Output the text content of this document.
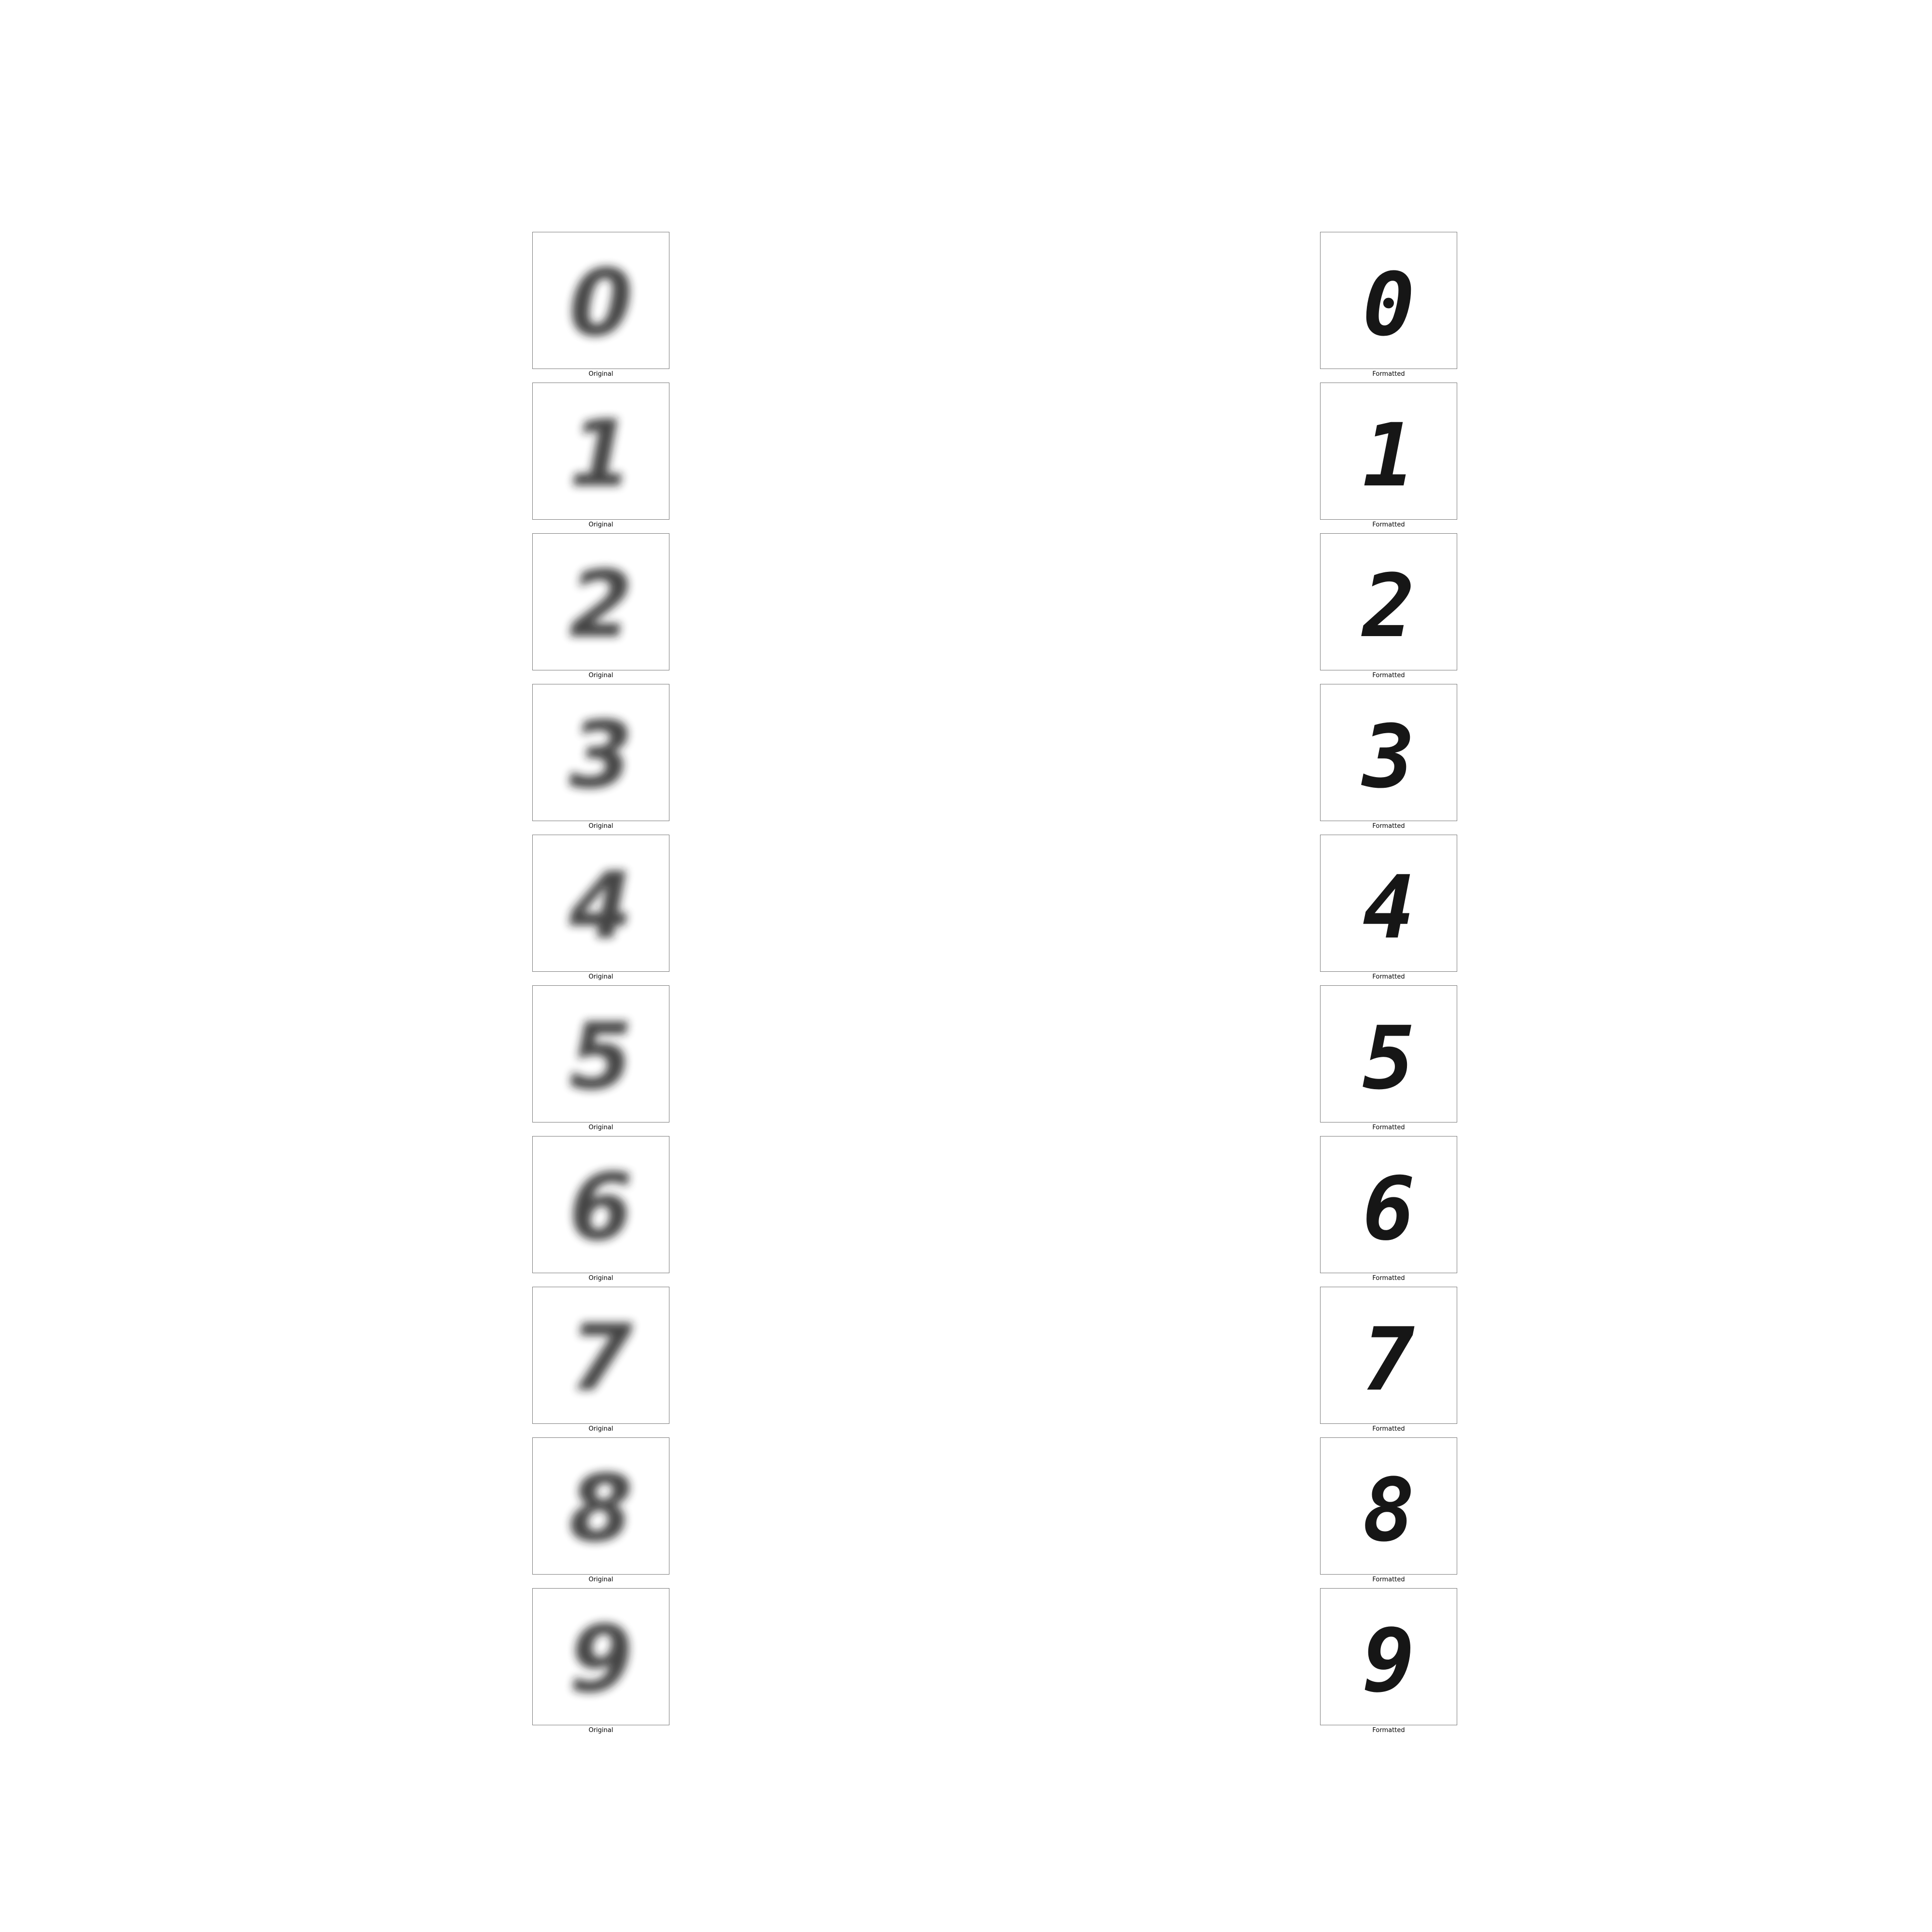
0
Original
1
Original
2
Original
3
Original
4
Original
5
Original
6
Original
7
Original
8
Original
9
Original
0
Formatted
1
Formatted
2
Formatted
3
Formatted
4
Formatted
5
Formatted
6
Formatted
7
Formatted
8
Formatted
9
Formatted
